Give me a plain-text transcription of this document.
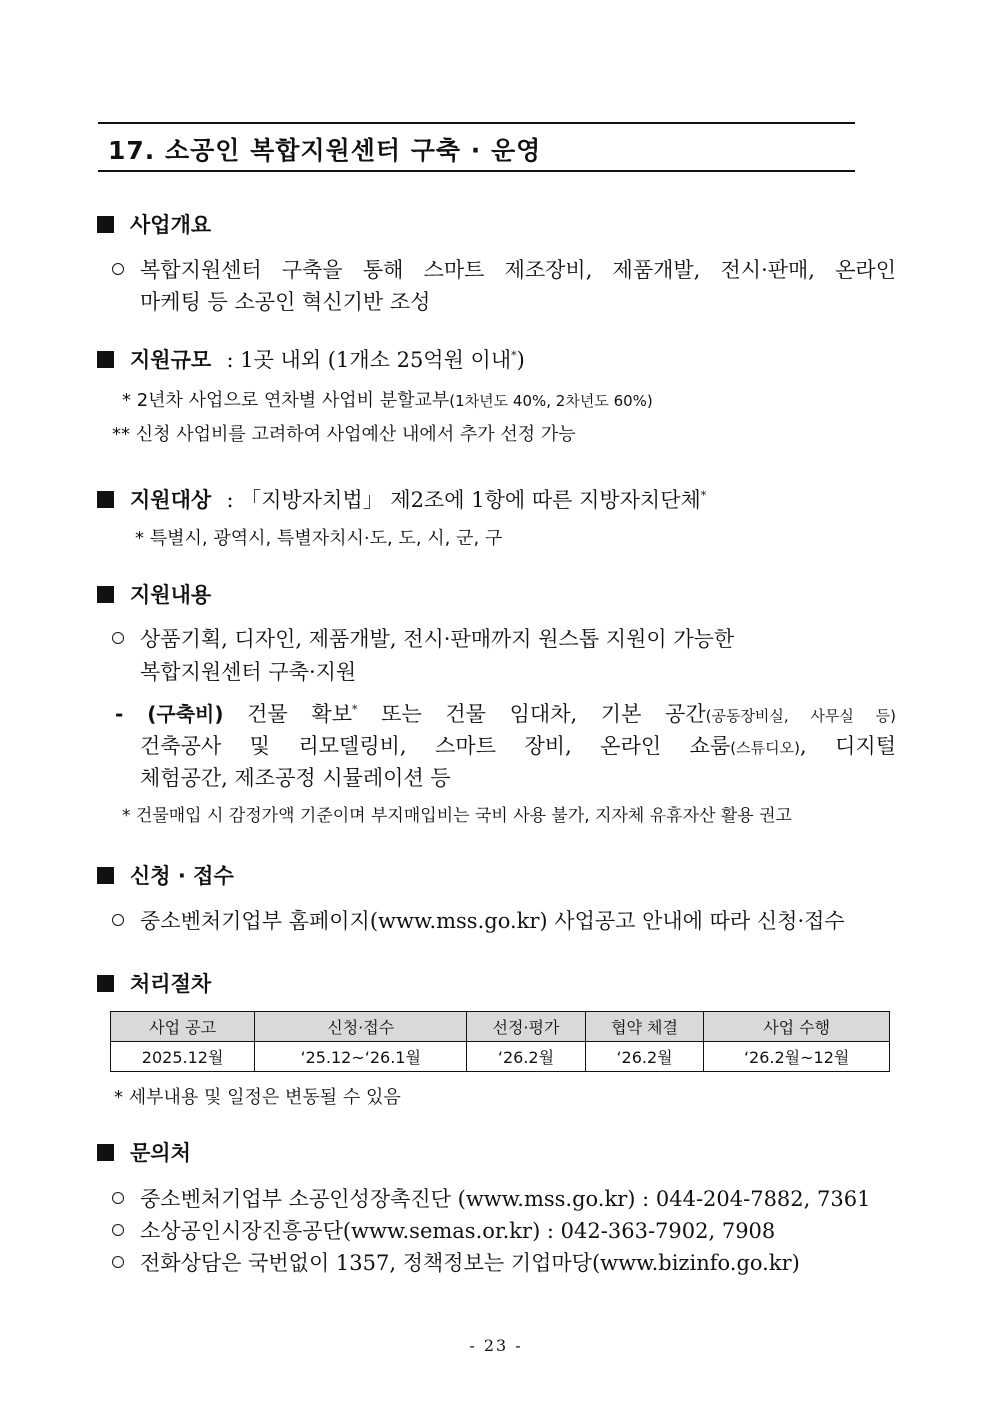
17. 소공인 복합지원센터 구축 · 운영
사업개요
복합지원센터 구축을 통해 스마트 제조장비, 제품개발, 전시·판매, 온라인
마케팅 등 소공인 혁신기반 조성
지원규모 : 1곳 내외 (1개소 25억원 이내*)
* 2년차 사업으로 연차별 사업비 분할교부(1차년도 40%, 2차년도 60%)
** 신청 사업비를 고려하여 사업예산 내에서 추가 선정 가능
지원대상 : 「지방자치법」 제2조에 1항에 따른 지방자치단체*
* 특별시, 광역시, 특별자치시·도, 도, 시, 군, 구
지원내용
상품기획, 디자인, 제품개발, 전시·판매까지 원스톱 지원이 가능한
복합지원센터 구축·지원
- (구축비) 건물 확보* 또는 건물 임대차, 기본 공간(공동장비실, 사무실 등)
건축공사 및 리모델링비, 스마트 장비, 온라인 쇼룸(스튜디오), 디지털
체험공간, 제조공정 시뮬레이션 등
* 건물매입 시 감정가액 기준이며 부지매입비는 국비 사용 불가, 지자체 유휴자산 활용 권고
신청 · 접수
중소벤처기업부 홈페이지(www.mss.go.kr) 사업공고 안내에 따라 신청·접수
처리절차
사업 공고	신청·접수	선정·평가	협약 체결	사업 수행
2025.12월	‘25.12~‘26.1월	‘26.2월	‘26.2월	‘26.2월~12월
* 세부내용 및 일정은 변동될 수 있음
문의처
중소벤처기업부 소공인성장촉진단 (www.mss.go.kr) : 044-204-7882, 7361
소상공인시장진흥공단(www.semas.or.kr) : 042-363-7902, 7908
전화상담은 국번없이 1357, 정책정보는 기업마당(www.bizinfo.go.kr)
- 23 -
